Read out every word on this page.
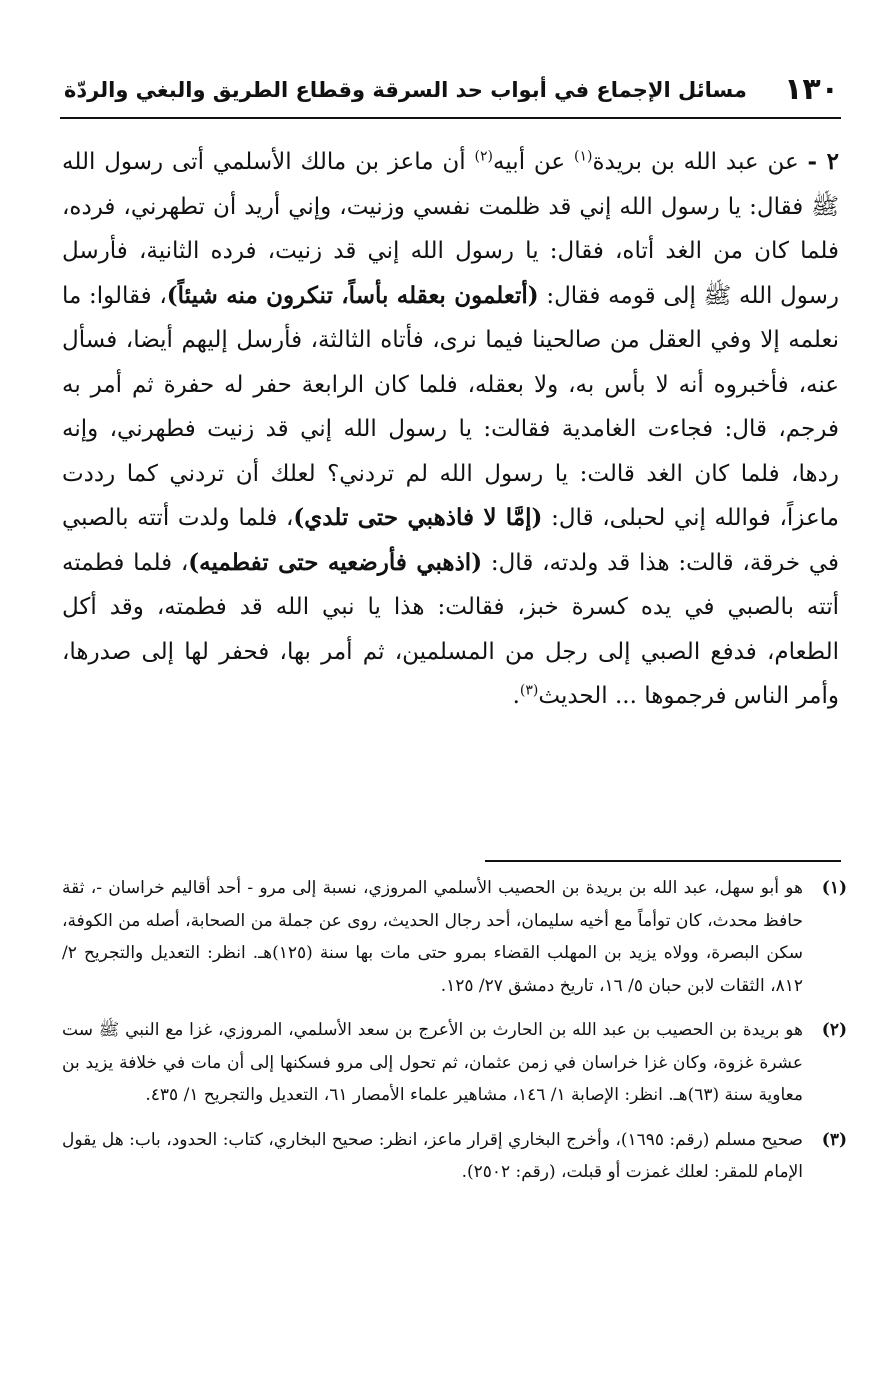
١٣٠
مسائل الإجماع في أبواب حد السرقة وقطاع الطريق والبغي والردّة

٢ - عن عبد الله بن بريدة$^{(١)}$ عن أبيه$^{(٢)}$ أن ماعز بن مالك الأسلمي أتى رسول الله ﷺ فقال: يا رسول الله إني قد ظلمت نفسي وزنيت، وإني أريد أن تطهرني، فرده، فلما كان من الغد أتاه، فقال: يا رسول الله إني قد زنيت، فرده الثانية، فأرسل رسول الله ﷺ إلى قومه فقال: (أتعلمون بعقله بأساً، تنكرون منه شيئاً)، فقالوا: ما نعلمه إلا وفي العقل من صالحينا فيما نرى، فأتاه الثالثة، فأرسل إليهم أيضا، فسأل عنه، فأخبروه أنه لا بأس به، ولا بعقله، فلما كان الرابعة حفر له حفرة ثم أمر به فرجم، قال: فجاءت الغامدية فقالت: يا رسول الله إني قد زنيت فطهرني، وإنه ردها، فلما كان الغد قالت: يا رسول الله لم تردني؟ لعلك أن تردني كما رددت ماعزاً، فوالله إني لحبلى، قال: (إمَّا لا فاذهبي حتى تلدي)، فلما ولدت أتته بالصبي في خرقة، قالت: هذا قد ولدته، قال: (اذهبي فأرضعيه حتى تفطميه)، فلما فطمته أتته بالصبي في يده كسرة خبز، فقالت: هذا يا نبي الله قد فطمته، وقد أكل الطعام، فدفع الصبي إلى رجل من المسلمين، ثم أمر بها، فحفر لها إلى صدرها، وأمر الناس فرجموها ... الحديث$^{(٣)}$.

(١)
هو أبو سهل، عبد الله بن بريدة بن الحصيب الأسلمي المروزي، نسبة إلى مرو - أحد أقاليم خراسان -، ثقة حافظ محدث، كان توأماً مع أخيه سليمان، أحد رجال الحديث، روى عن جملة من الصحابة، أصله من الكوفة، سكن البصرة، وولاه يزيد بن المهلب القضاء بمرو حتى مات بها سنة (١٢٥)هـ. انظر: التعديل والتجريح ٢/ ٨١٢، الثقات لابن حبان ٥/ ١٦، تاريخ دمشق ٢٧/ ١٢٥.
(٢)
هو بريدة بن الحصيب بن عبد الله بن الحارث بن الأعرج بن سعد الأسلمي، المروزي، غزا مع النبي ﷺ ست عشرة غزوة، وكان غزا خراسان في زمن عثمان، ثم تحول إلى مرو فسكنها إلى أن مات في خلافة يزيد بن معاوية سنة (٦٣)هـ. انظر: الإصابة ١/ ١٤٦، مشاهير علماء الأمصار ٦١، التعديل والتجريح ١/ ٤٣٥.
(٣)
صحيح مسلم (رقم: ١٦٩٥)، وأخرج البخاري إقرار ماعز، انظر: صحيح البخاري، كتاب: الحدود، باب: هل يقول الإمام للمقر: لعلك غمزت أو قبلت، (رقم: ٢٥٠٢).
